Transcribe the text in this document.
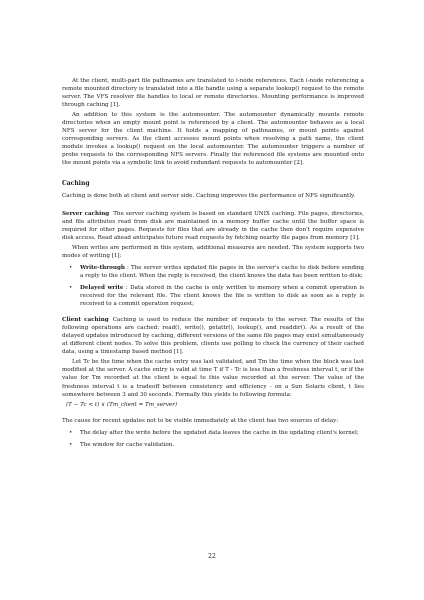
At the client, multi-part file pathnames are translated to i-node references. Each i-node referencing a remote mounted directory is translated into a file handle using a separate lookup() request to the remote server. The VFS resolver file handles to local or remote directories. Mounting performance is improved through caching [1].

An addition to this system is the automounter. The automounter dynamically mounts remote directories when an empty mount point is referenced by a client. The automounter behaves as a local NFS server for the client machine. It holds a mapping of pathnames, or mount points against corresponding servers. As the client accesses mount points when resolving a path name, the client module invokes a lookup() request on the local automounter. The automounter triggers a number of probe requests to the corresponding NFS servers. Finally the referenced file systems are mounted onto the mount points via a symbolic link to avoid redundant requests to automounter [2].

Caching

Caching is done both at client and server side. Caching improves the performance of NFS significantly.

Server caching The server caching system is based on standard UNIX caching. File pages, directories, and file attributes read from disk are maintained in a memory buffer cache until the buffer space is required for other pages. Requests for files that are already in the cache then don't require expensive disk access. Read ahead anticipates future read requests by fetching nearby file pages from memory [1].

When writes are performed in this system, additional measures are needed. The system supports two modes of writing [1]:

• Write-through : The server writes updated file pages in the server's cache to disk before sending a reply to the client. When the reply is received, the client knows the data has been written to disk;
• Delayed write : Data stored in the cache is only written to memory when a commit operation is received for the relevant file. The client knows the file is written to disk as soon as a reply is received to a commit operation request;

Client caching Caching is used to reduce the number of requests to the server. The results of the following operations are cached: read(), write(), getattr(), lookup(), and readdir(). As a result of the delayed updates introduced by caching, different versions of the same file pages may exist simultaneously at different client nodes. To solve this problem, clients use polling to check the currency of their cached data, using a timestamp based method [1].

Let Tc be the time when the cache entry was last validated, and Tm the time when the block was last modified at the server. A cache entry is valid at time T if T - Tc is less than a freshness interval t, or if the value for Tm recorded at the client is equal to this value recorded at the server. The value of the freshness interval t is a tradeoff between consistency and efficiency - on a Sun Solaris client, t lies somewhere between 3 and 30 seconds. Formally this yields to following formula:

(T − Tc < t) ∨ (Tm_client = Tm_server)

The cause for recent updates not to be visible immediately at the client has two sources of delay:

• The delay after the write before the updated data leaves the cache in the updating client's kernel;
• The window for cache validation.
22
